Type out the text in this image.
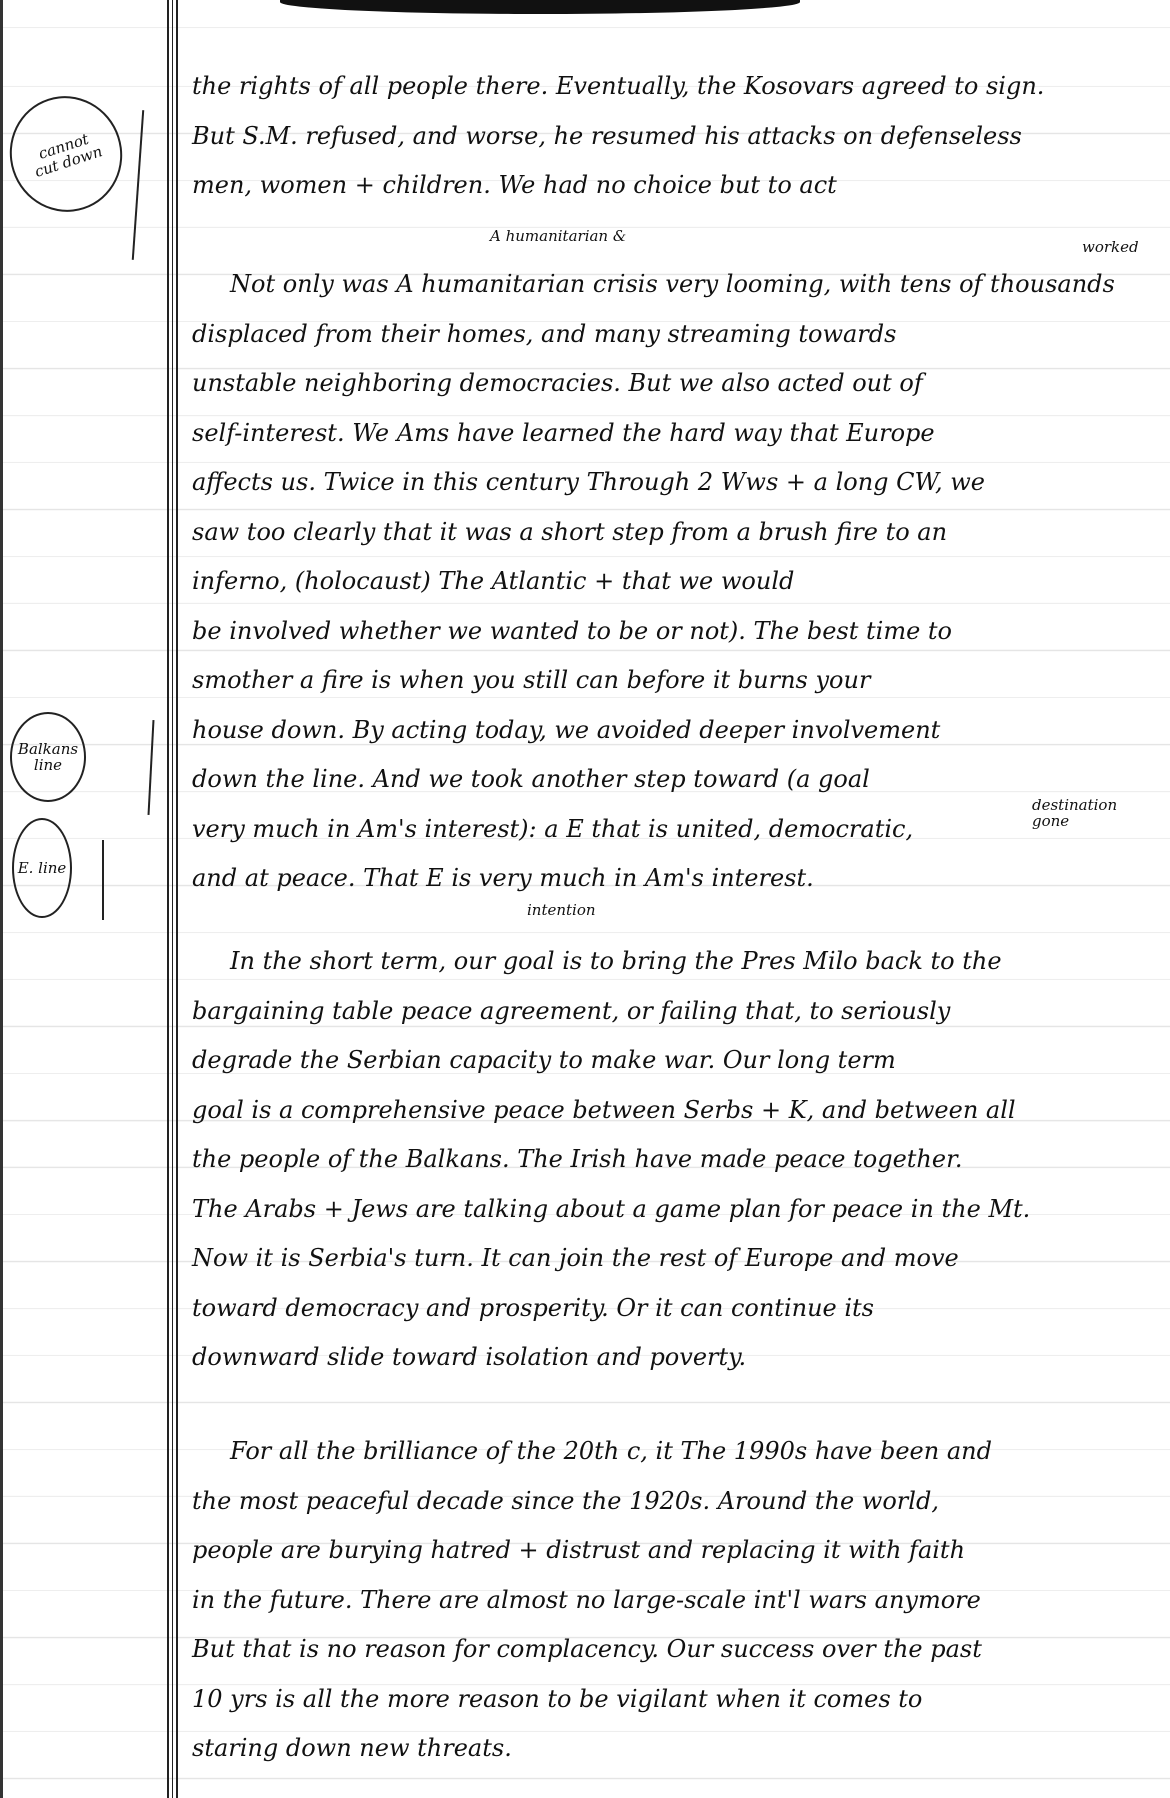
cannot cut down
Balkans line
E. line
A humanitarian &
worked
destination gone
intention
the rights of all people there. Eventually, the Kosovars agreed to sign.
But S.M. refused, and worse, he resumed his attacks on defenseless
men, women + children. We had no choice but to act
Not only was A humanitarian crisis very looming, with tens of thousands
displaced from their homes, and many streaming towards
unstable neighboring democracies. But we also acted out of
self-interest. We Ams have learned the hard way that Europe
affects us. Twice in this century Through 2 Wws + a long CW, we
saw too clearly that it was a short step from a brush fire to an
inferno, (holocaust) The Atlantic + that we would
be involved whether we wanted to be or not). The best time to
smother a fire is when you still can before it burns your
house down. By acting today, we avoided deeper involvement
down the line. And we took another step toward (a goal
very much in Am's interest): a E that is united, democratic,
and at peace. That E is very much in Am's interest.
In the short term, our goal is to bring the Pres Milo back to the
bargaining table peace agreement, or failing that, to seriously
degrade the Serbian capacity to make war. Our long term
goal is a comprehensive peace between Serbs + K, and between all
the people of the Balkans. The Irish have made peace together.
The Arabs + Jews are talking about a game plan for peace in the Mt.
Now it is Serbia's turn. It can join the rest of Europe and move
toward democracy and prosperity. Or it can continue its
downward slide toward isolation and poverty.
For all the brilliance of the 20th c, it The 1990s have been and
the most peaceful decade since the 1920s. Around the world,
people are burying hatred + distrust and replacing it with faith
in the future. There are almost no large-scale int'l wars anymore
But that is no reason for complacency. Our success over the past
10 yrs is all the more reason to be vigilant when it comes to
staring down new threats.
